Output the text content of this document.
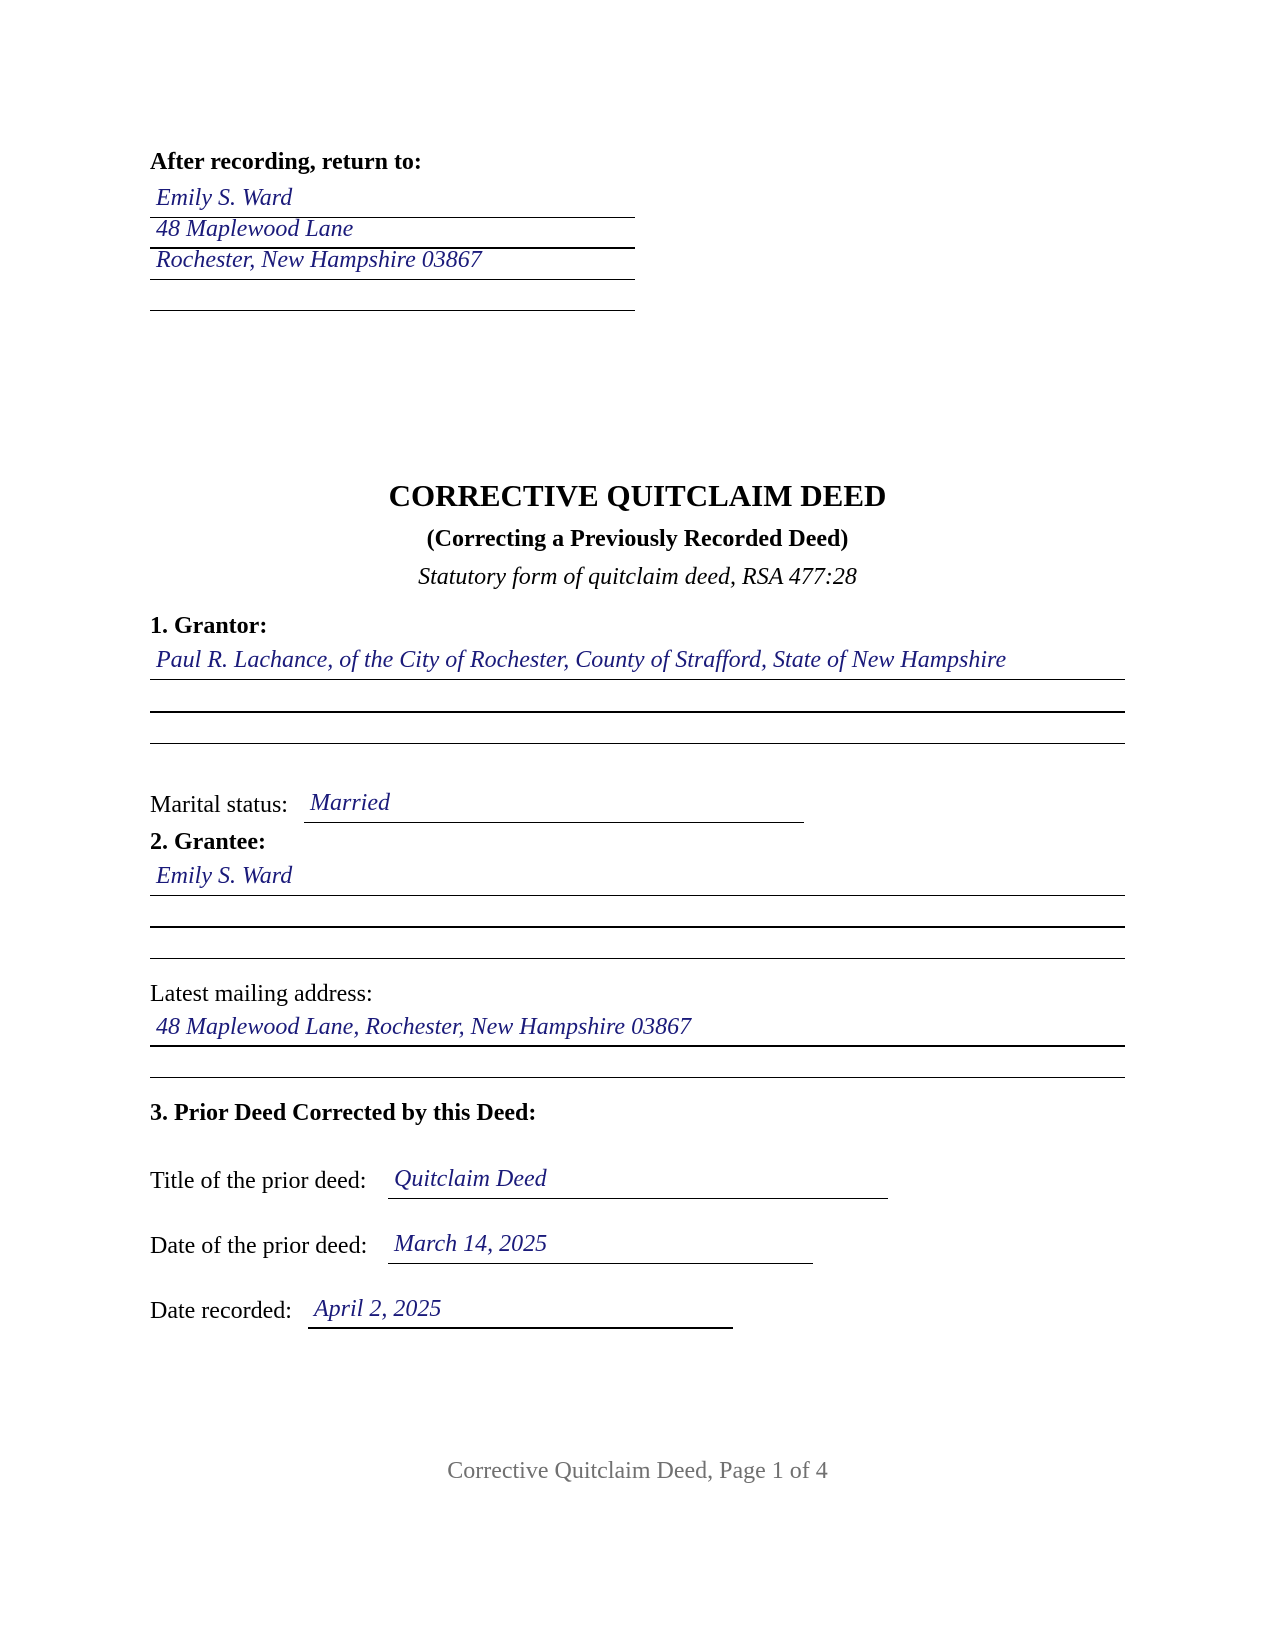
After recording, return to:
Emily S. Ward
48 Maplewood Lane
Rochester, New Hampshire 03867
CORRECTIVE QUITCLAIM DEED
(Correcting a Previously Recorded Deed)
Statutory form of quitclaim deed, RSA 477:28
1. Grantor:
Paul R. Lachance, of the City of Rochester, County of Strafford, State of New Hampshire
Marital status: Married
2. Grantee:
Emily S. Ward
Latest mailing address:
48 Maplewood Lane, Rochester, New Hampshire 03867
3. Prior Deed Corrected by this Deed:
Title of the prior deed: Quitclaim Deed
Date of the prior deed: March 14, 2025
Date recorded: April 2, 2025
Corrective Quitclaim Deed, Page 1 of 4
